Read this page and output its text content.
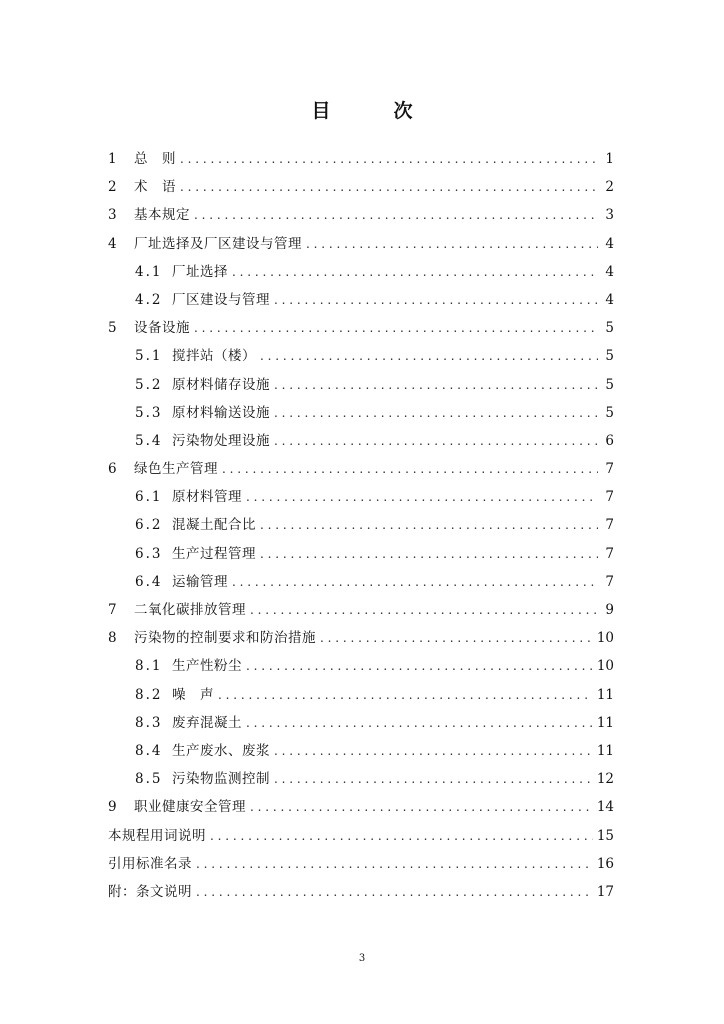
目　次
1	总　则 . . .	1
2	术　语 . . .	2
3	基本规定 . . .	3
4	厂址选择及厂区建设与管理 . . .	4
4.1 厂址选择 . . .	4
4.2 厂区建设与管理 . . .	4
5	设备设施 . . .	5
5.1 搅拌站（楼） . . .	5
5.2 原材料储存设施 . . .	5
5.3 原材料输送设施 . . .	5
5.4 污染物处理设施 . . .	6
6	绿色生产管理 . . .	7
6.1 原材料管理 . . .	7
6.2 混凝土配合比 . . .	7
6.3 生产过程管理 . . .	7
6.4 运输管理 . . .	7
7	二氧化碳排放管理 . . .	9
8	污染物的控制要求和防治措施 . . .	10
8.1 生产性粉尘 . . .	10
8.2 噪　声 . . .	11
8.3 废弃混凝土 . . .	11
8.4 生产废水、废浆 . . .	11
8.5 污染物监测控制 . . .	12
9	职业健康安全管理 . . .	14
本规程用词说明 . . .	15
引用标准名录 . . .	16
附：条文说明 . . .	17
3
